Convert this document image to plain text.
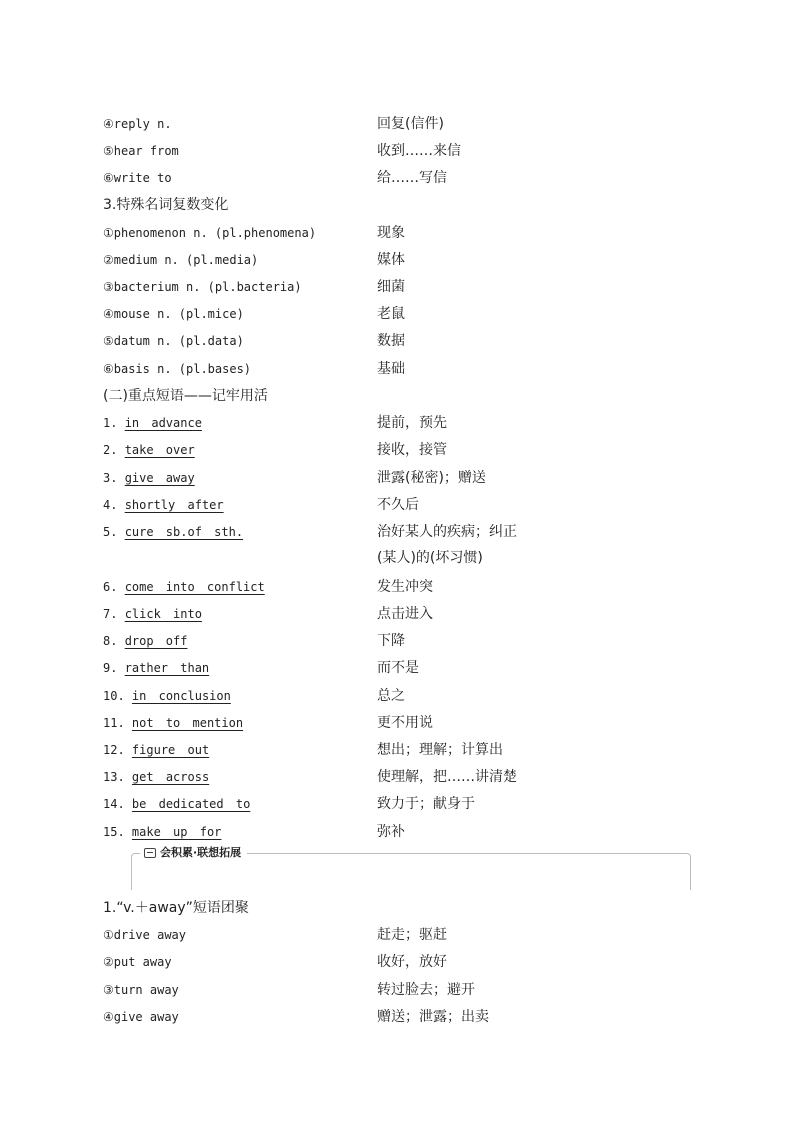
④reply n.	回复(信件)
⑤hear from	收到……来信
⑥write to	给……写信
3.特殊名词复数变化
①phenomenon n. (pl.phenomena)	现象
②medium n. (pl.media)	媒体
③bacterium n. (pl.bacteria)	细菌
④mouse n. (pl.mice)	老鼠
⑤datum n. (pl.data)	数据
⑥basis n. (pl.bases)	基础
(二)重点短语——记牢用活
1. in advance	提前，预先
2. take over	接收，接管
3. give away	泄露(秘密)；赠送
4. shortly after	不久后
5. cure sb.of sth.	治好某人的疾病；纠正
(某人)的(坏习惯)
6. come into conflict	发生冲突
7. click into	点击进入
8. drop off	下降
9. rather than	而不是
10. in conclusion	总之
11. not to mention	更不用说
12. figure out	想出；理解；计算出
13. get across	使理解，把……讲清楚
14. be dedicated to	致力于；献身于
15. make up for	弥补
会积累·联想拓展
1.“v.＋away”短语团聚
①drive away	赶走；驱赶
②put away	收好，放好
③turn away	转过脸去；避开
④give away	赠送；泄露；出卖
